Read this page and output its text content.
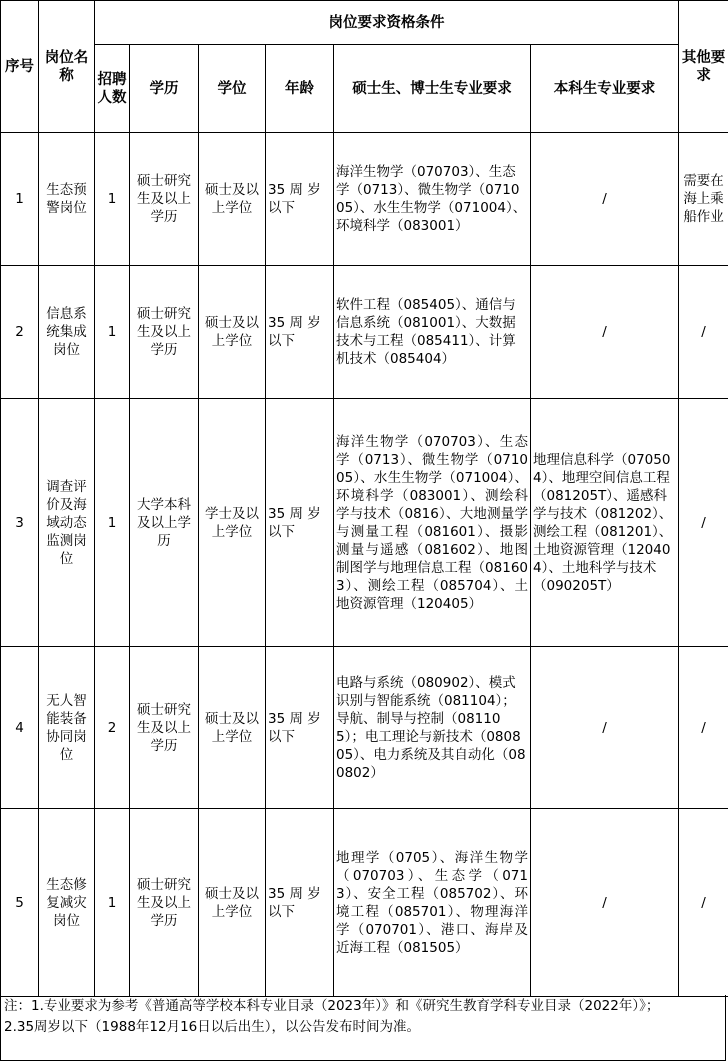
序号	岗位名称	岗位要求资格条件						其他要求
		招聘人数	学历	学位	年龄	硕士生、博士生专业要求	本科生专业要求	
1	生态预警岗位	1	硕士研究生及以上学历	硕士及以上学位	35 周 岁以下	海洋生物学（070703）、生态学（0713）、微生物学（071005）、水生生物学（071004）、环境科学（083001）	/	需要在海上乘船作业
2	信息系统集成岗位	1	硕士研究生及以上学历	硕士及以上学位	35 周 岁以下	软件工程（085405）、通信与信息系统（081001）、大数据技术与工程（085411）、计算机技术（085404）	/	/
3	调查评价及海域动态监测岗位	1	大学本科及以上学历	学士及以上学位	35 周 岁以下	海洋生物学（070703）、生态学（0713）、微生物学（071005）、水生生物学（071004）、环境科学（083001）、测绘科学与技术（0816）、大地测量学与测量工程（081601）、摄影测量与遥感（081602）、地图制图学与地理信息工程（081603）、测绘工程（085704）、土地资源管理（120405）	地理信息科学（070504）、地理空间信息工程（081205T）、遥感科学与技术（081202）、测绘工程（081201）、土地资源管理（120404）、土地科学与技术（090205T）	/
4	无人智能装备协同岗位	2	硕士研究生及以上学历	硕士及以上学位	35 周 岁以下	电路与系统（080902）、模式识别与智能系统（081104）；导航、制导与控制（081105）；电工理论与新技术（080805）、电力系统及其自动化（080802）	/	/
5	生态修复减灾岗位	1	硕士研究生及以上学历	硕士及以上学位	35 周 岁以下	地理学（0705）、海洋生物学（070703）、生态学（0713）、安全工程（085702）、环境工程（085701）、物理海洋学（070701）、港口、海岸及近海工程（081505）	/	/
注：1.专业要求为参考《普通高等学校本科专业目录（2023年）》和《研究生教育学科专业目录（2022年）》；
2.35周岁以下（1988年12月16日以后出生），以公告发布时间为准。
